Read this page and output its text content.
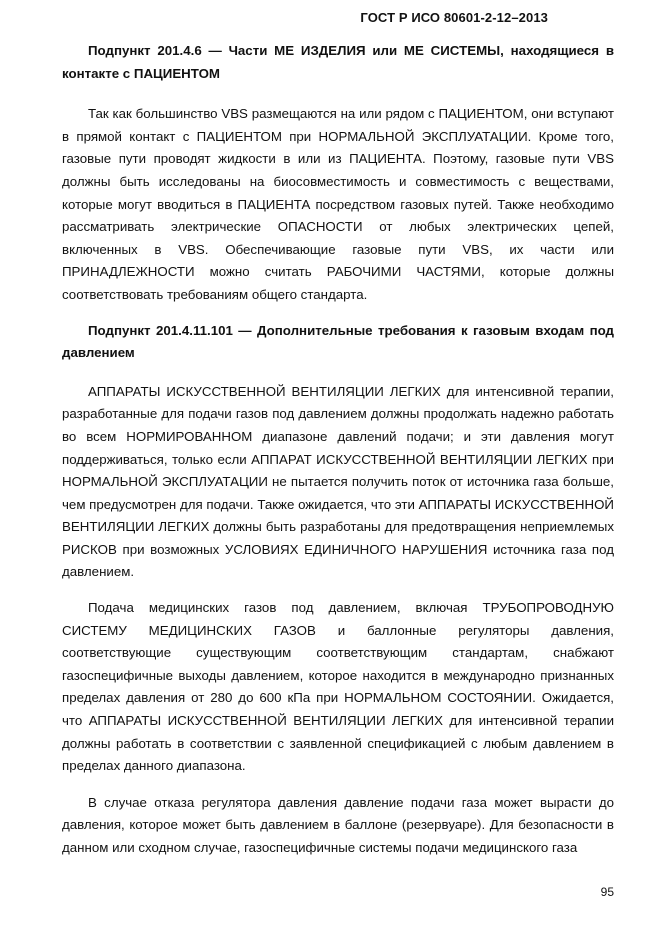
ГОСТ Р ИСО 80601-2-12–2013

Подпункт 201.4.6 — Части МЕ ИЗДЕЛИЯ или МЕ СИСТЕМЫ, находящиеся в контакте с ПАЦИЕНТОМ

Так как большинство VBS размещаются на или рядом с ПАЦИЕНТОМ, они вступают в прямой контакт с ПАЦИЕНТОМ при НОРМАЛЬНОЙ ЭКСПЛУАТАЦИИ. Кроме того, газовые пути проводят жидкости в или из ПАЦИЕНТА. Поэтому, газовые пути VBS должны быть исследованы на биосовместимость и совместимость с веществами, которые могут вводиться в ПАЦИЕНТА посредством газовых путей. Также необходимо рассматривать электрические ОПАСНОСТИ от любых электрических цепей, включенных в VBS. Обеспечивающие газовые пути VBS, их части или ПРИНАДЛЕЖНОСТИ можно считать РАБОЧИМИ ЧАСТЯМИ, которые должны соответствовать требованиям общего стандарта.

Подпункт 201.4.11.101 — Дополнительные требования к газовым входам под давлением

АППАРАТЫ ИСКУССТВЕННОЙ ВЕНТИЛЯЦИИ ЛЕГКИХ для интенсивной терапии, разработанные для подачи газов под давлением должны продолжать надежно работать во всем НОРМИРОВАННОМ диапазоне давлений подачи; и эти давления могут поддерживаться, только если АППАРАТ ИСКУССТВЕННОЙ ВЕНТИЛЯЦИИ ЛЕГКИХ при НОРМАЛЬНОЙ ЭКСПЛУАТАЦИИ не пытается получить поток от источника газа больше, чем предусмотрен для подачи. Также ожидается, что эти АППАРАТЫ ИСКУССТВЕННОЙ ВЕНТИЛЯЦИИ ЛЕГКИХ должны быть разработаны для предотвращения неприемлемых РИСКОВ при возможных УСЛОВИЯХ ЕДИНИЧНОГО НАРУШЕНИЯ источника газа под давлением.

Подача медицинских газов под давлением, включая ТРУБОПРОВОДНУЮ СИСТЕМУ МЕДИЦИНСКИХ ГАЗОВ и баллонные регуляторы давления, соответствующие существующим соответствующим стандартам, снабжают газоспецифичные выходы давлением, которое находится в международно признанных пределах давления от 280 до 600 кПа при НОРМАЛЬНОМ СОСТОЯНИИ. Ожидается, что АППАРАТЫ ИСКУССТВЕННОЙ ВЕНТИЛЯЦИИ ЛЕГКИХ для интенсивной терапии должны работать в соответствии с заявленной спецификацией с любым давлением в пределах данного диапазона.

В случае отказа регулятора давления давление подачи газа может вырасти до давления, которое может быть давлением в баллоне (резервуаре). Для безопасности в данном или сходном случае, газоспецифичные системы подачи медицинского газа

95
